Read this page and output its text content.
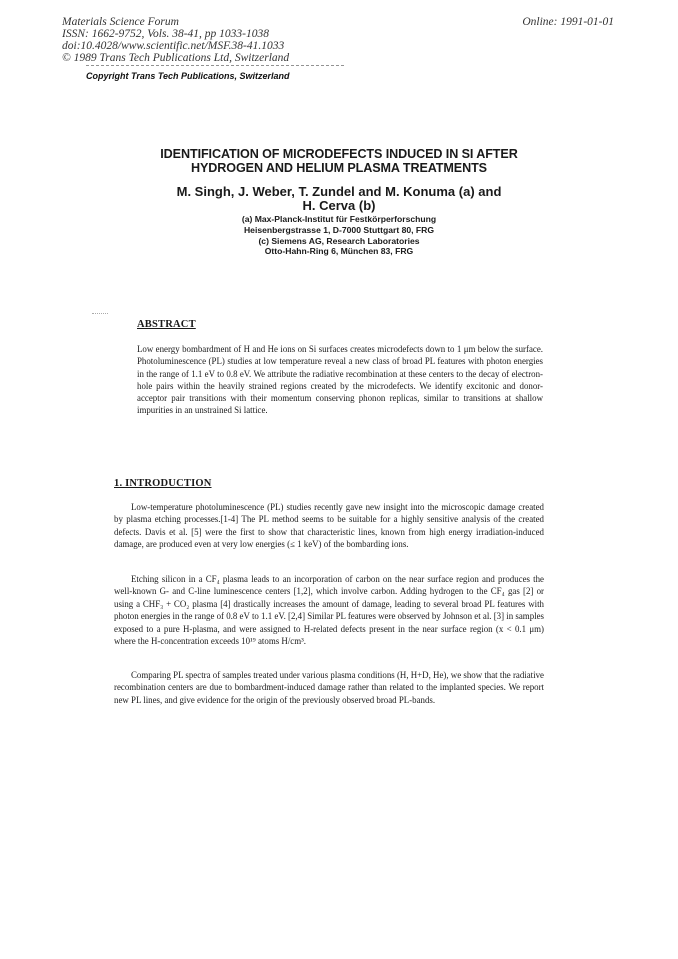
Materials Science Forum
ISSN: 1662-9752, Vols. 38-41, pp 1033-1038
doi:10.4028/www.scientific.net/MSF.38-41.1033
© 1989 Trans Tech Publications Ltd, Switzerland
Online: 1991-01-01
Copyright Trans Tech Publications, Switzerland
IDENTIFICATION OF MICRODEFECTS INDUCED IN SI AFTER
HYDROGEN AND HELIUM PLASMA TREATMENTS
M. Singh, J. Weber, T. Zundel and M. Konuma (a) and
H. Cerva (b)
(a) Max-Planck-Institut für Festkörperforschung
Heisenbergstrasse 1, D-7000 Stuttgart 80, FRG
(c) Siemens AG, Research Laboratories
Otto-Hahn-Ring 6, München 83, FRG
ABSTRACT
Low energy bombardment of H and He ions on Si surfaces creates microdefects down to 1 μm below the surface. Photoluminescence (PL) studies at low temperature reveal a new class of broad PL features with photon energies in the range of 1.1 eV to 0.8 eV. We attribute the radiative recombination at these centers to the decay of electron-hole pairs within the heavily strained regions created by the microdefects. We identify excitonic and donor-acceptor pair transitions with their momentum conserving phonon replicas, similar to transitions at shallow impurities in an unstrained Si lattice.
1. INTRODUCTION
Low-temperature photoluminescence (PL) studies recently gave new insight into the microscopic damage created by plasma etching processes.[1-4] The PL method seems to be suitable for a highly sensitive analysis of the created defects. Davis et al. [5] were the first to show that characteristic lines, known from high energy irradiation-induced damage, are produced even at very low energies (≤ 1 keV) of the bombarding ions.
Etching silicon in a CF₄ plasma leads to an incorporation of carbon on the near surface region and produces the well-known G- and C-line luminescence centers [1,2], which involve carbon. Adding hydrogen to the CF₄ gas [2] or using a CHF₃ + CO₂ plasma [4] drastically increases the amount of damage, leading to several broad PL features with photon energies in the range of 0.8 eV to 1.1 eV. [2,4] Similar PL features were observed by Johnson et al. [3] in samples exposed to a pure H-plasma, and were assigned to H-related defects present in the near surface region (x < 0.1 μm) where the H-concentration exceeds 10¹⁹ atoms H/cm³.
Comparing PL spectra of samples treated under various plasma conditions (H, H+D, He), we show that the radiative recombination centers are due to bombardment-induced damage rather than related to the implanted species. We report new PL lines, and give evidence for the origin of the previously observed broad PL-bands.
